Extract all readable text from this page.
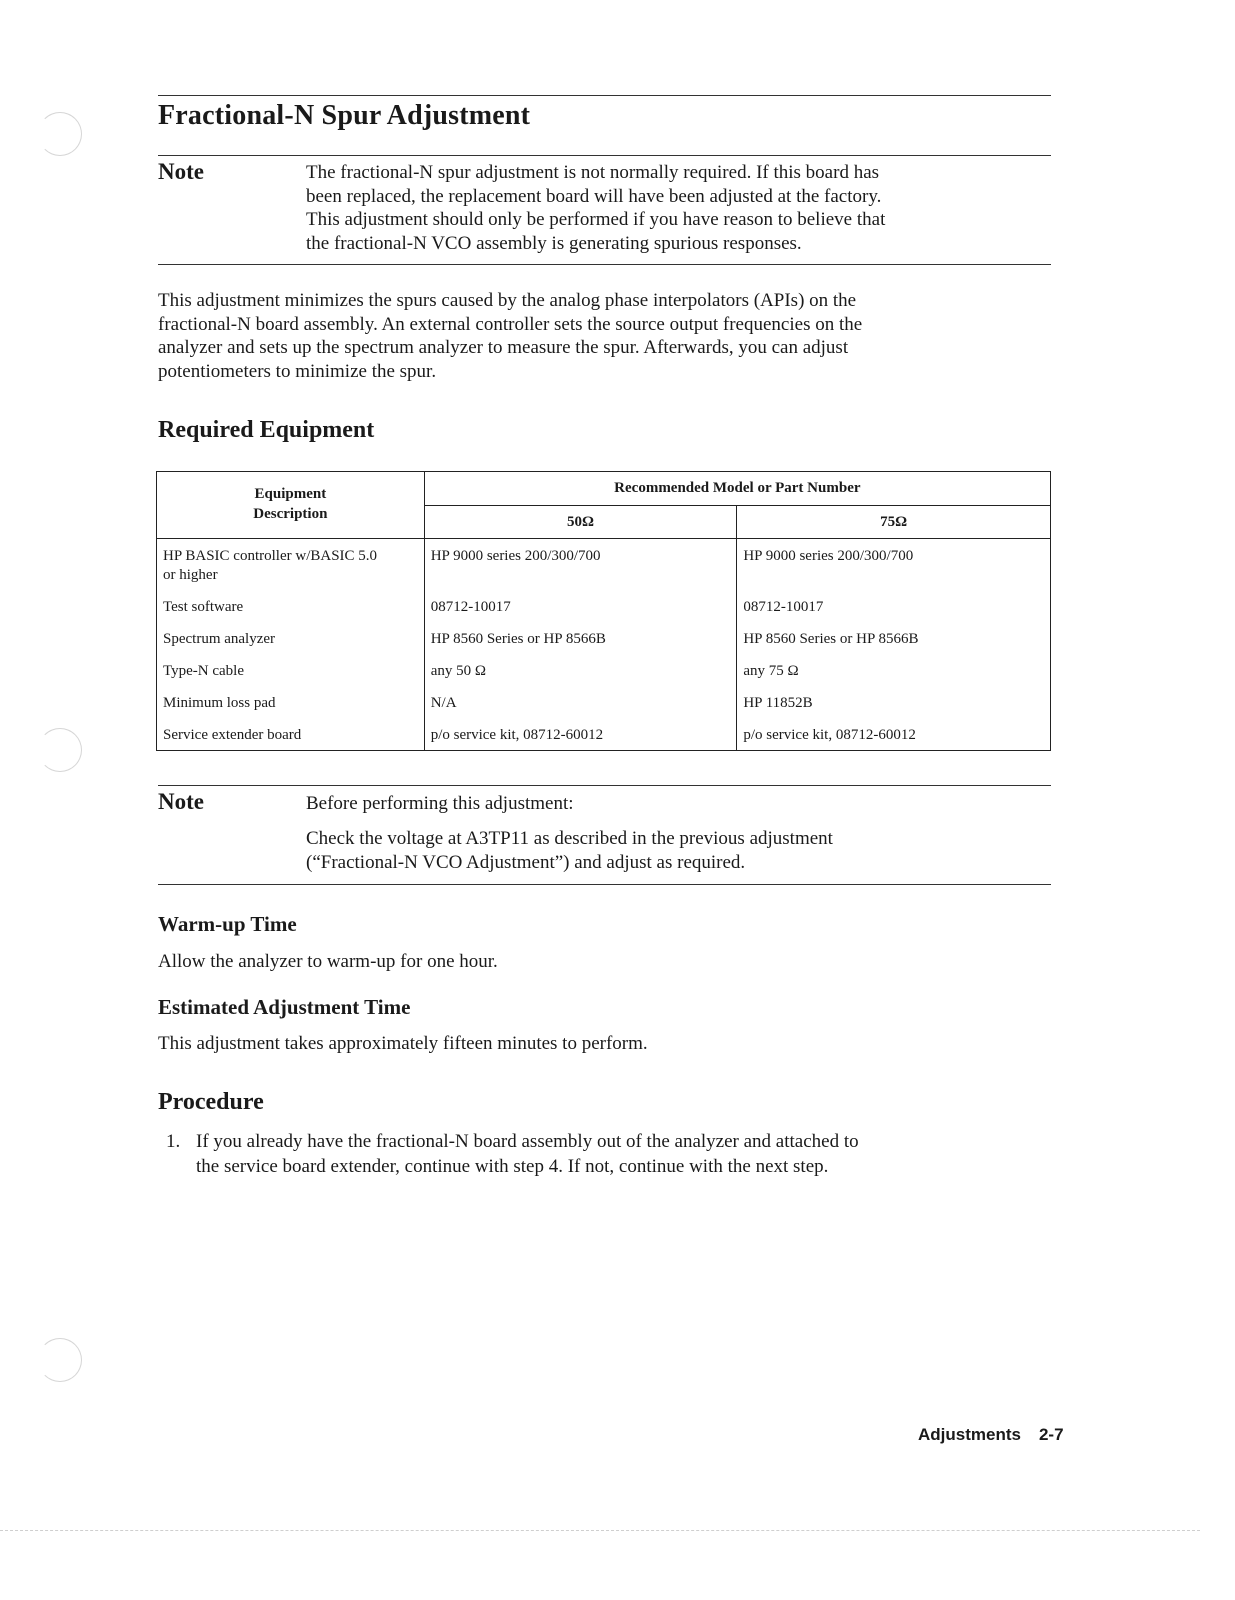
Fractional-N Spur Adjustment
Note	The fractional-N spur adjustment is not normally required. If this board has
been replaced, the replacement board will have been adjusted at the factory.
This adjustment should only be performed if you have reason to believe that
the fractional-N VCO assembly is generating spurious responses.
This adjustment minimizes the spurs caused by the analog phase interpolators (APIs) on the
fractional-N board assembly. An external controller sets the source output frequencies on the
analyzer and sets up the spectrum analyzer to measure the spur. Afterwards, you can adjust
potentiometers to minimize the spur.
Required Equipment
Equipment
Description	Recommended Model or Part Number	
	50Ω	75Ω

HP BASIC controller w/BASIC 5.0
or higher	HP 9000 series 200/300/700	HP 9000 series 200/300/700
Test software	08712-10017	08712-10017
Spectrum analyzer	HP 8560 Series or HP 8566B	HP 8560 Series or HP 8566B
Type-N cable	any 50 Ω	any 75 Ω
Minimum loss pad	N/A	HP 11852B
Service extender board	p/o service kit, 08712-60012	p/o service kit, 08712-60012
Note	Before performing this adjustment:
Check the voltage at A3TP11 as described in the previous adjustment
(“Fractional-N VCO Adjustment”) and adjust as required.
Warm-up Time
Allow the analyzer to warm-up for one hour.
Estimated Adjustment Time
This adjustment takes approximately fifteen minutes to perform.
Procedure
1. If you already have the fractional-N board assembly out of the analyzer and attached to
the service board extender, continue with step 4. If not, continue with the next step.
Adjustments 2-7
